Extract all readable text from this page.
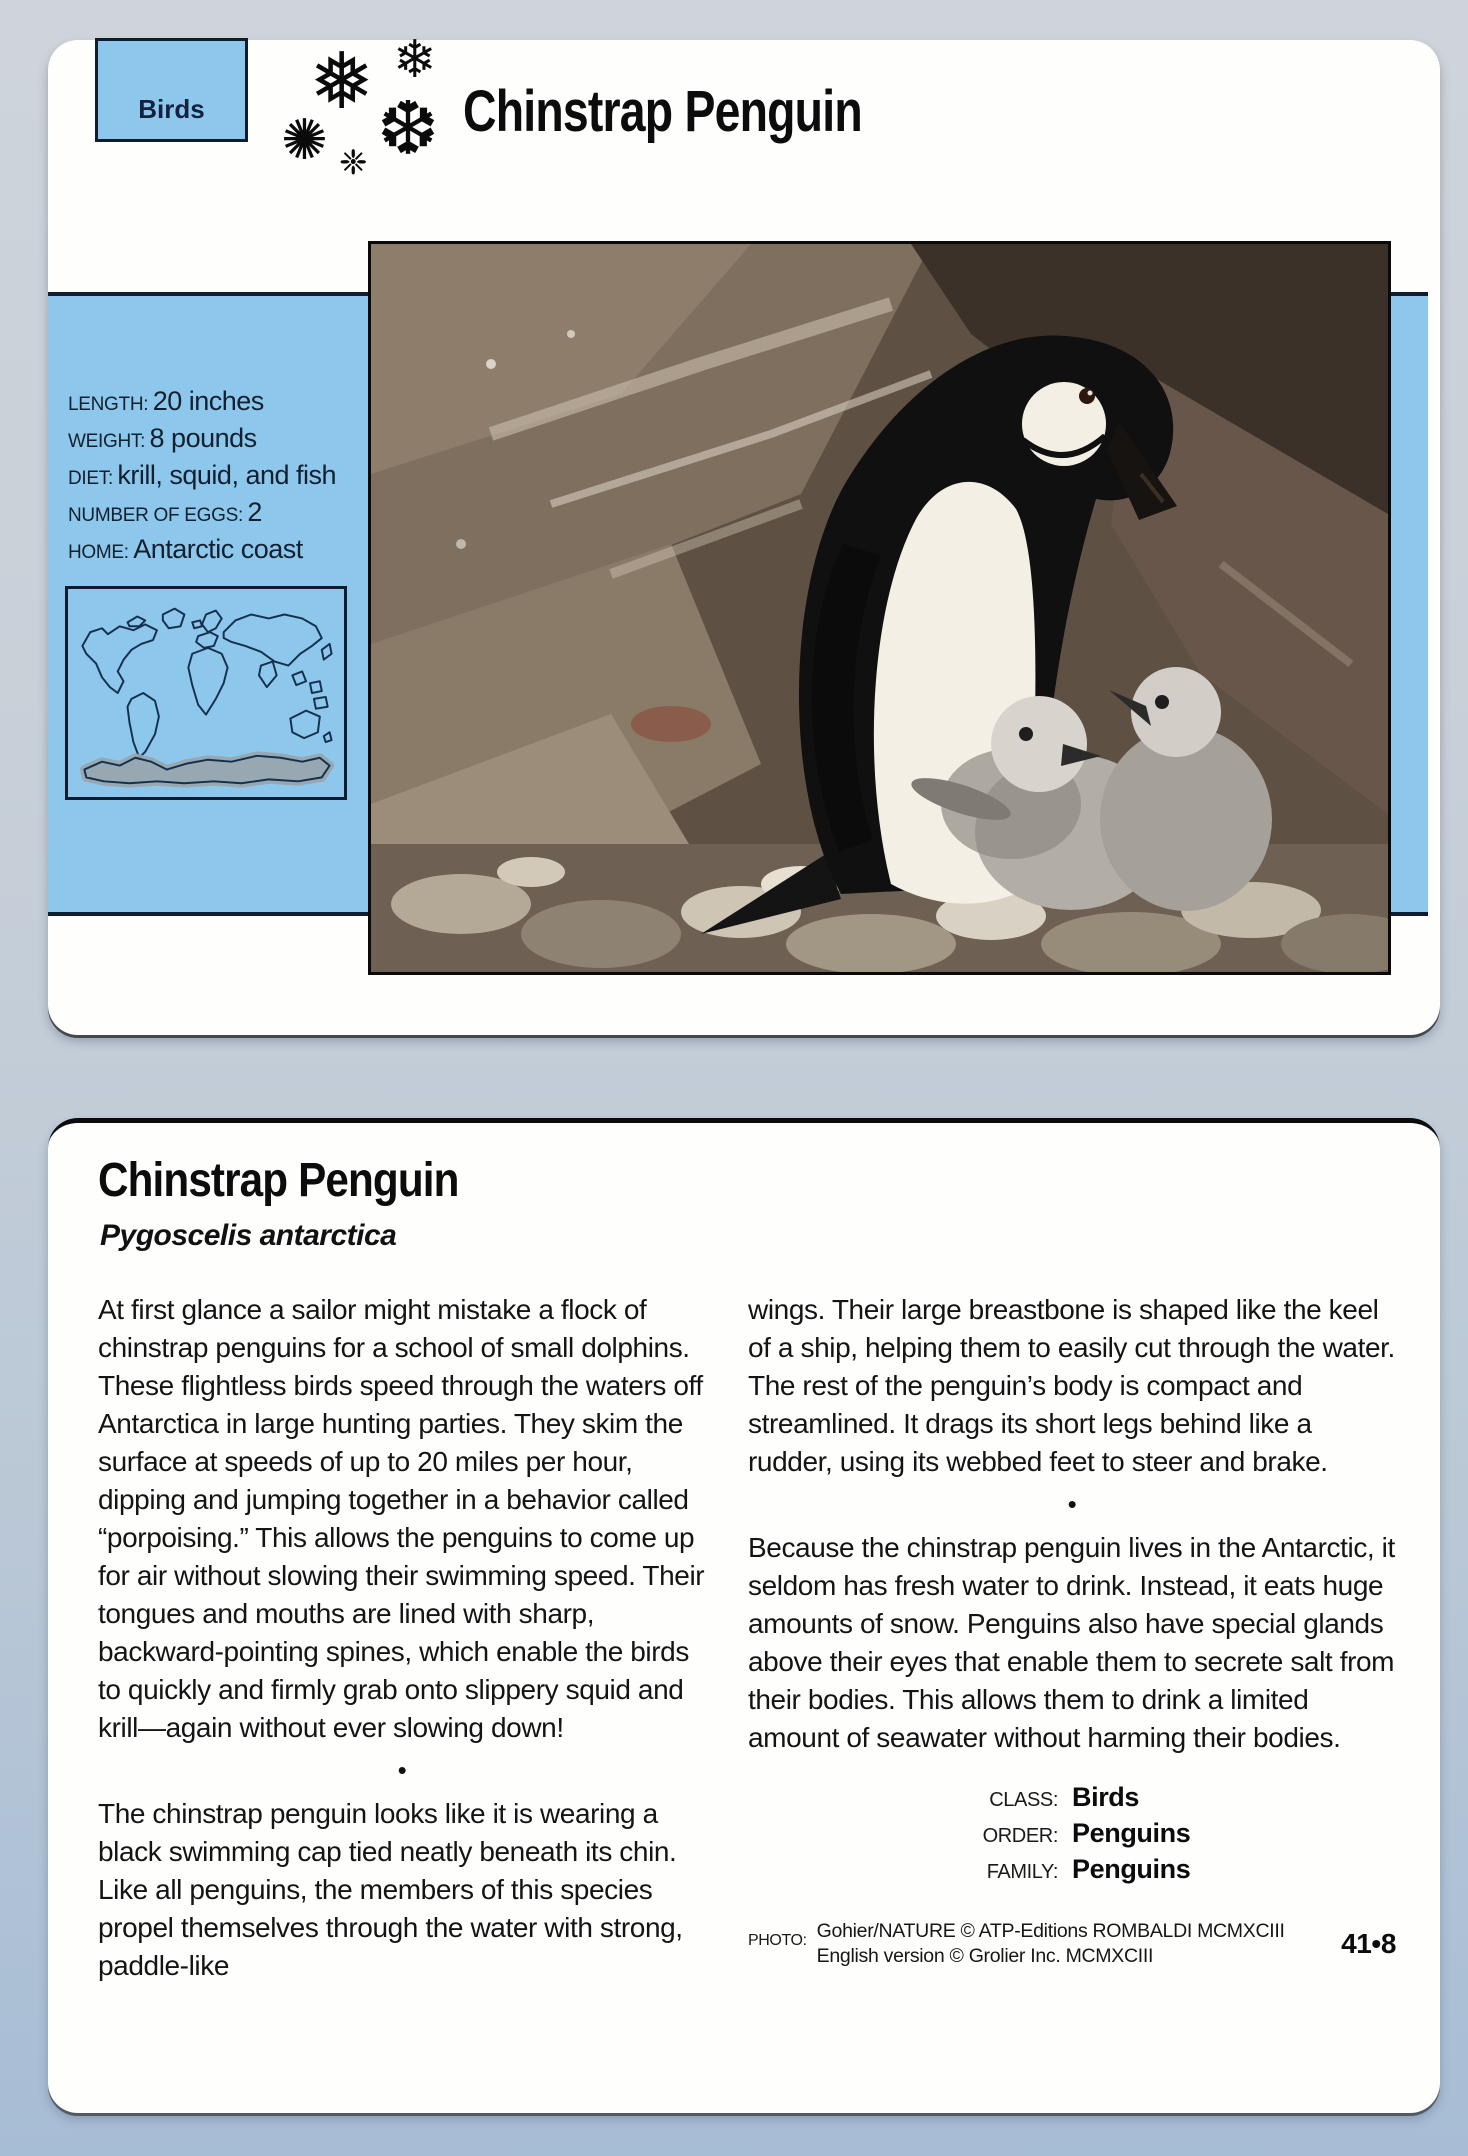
Birds ❅ ❄
✺ ❆
❈
Chinstrap Penguin
LENGTH: 20 inches
WEIGHT: 8 pounds
DIET: krill, squid, and fish
NUMBER OF EGGS: 2
HOME: Antarctic coast
Chinstrap Penguin
Pygoscelis antarctica

At first glance a sailor might mistake a flock of chinstrap penguins for a school of small dolphins. These flightless birds speed through the waters off Antarctica in large hunting parties. They skim the surface at speeds of up to 20 miles per hour, dipping and jumping together in a behavior called “porpoising.” This allows the penguins to come up for air without slowing their swimming speed. Their tongues and mouths are lined with sharp, backward-pointing spines, which enable the birds to quickly and firmly grab onto slippery squid and krill—again without ever slowing down!

•

The chinstrap penguin looks like it is wearing a black swimming cap tied neatly beneath its chin. Like all penguins, the members of this species propel themselves through the water with strong, paddle-like

wings. Their large breastbone is shaped like the keel of a ship, helping them to easily cut through the water. The rest of the penguin’s body is compact and streamlined. It drags its short legs behind like a rudder, using its webbed feet to steer and brake.

•

Because the chinstrap penguin lives in the Antarctic, it seldom has fresh water to drink. Instead, it eats huge amounts of snow. Penguins also have special glands above their eyes that enable them to secrete salt from their bodies. This allows them to drink a limited amount of seawater without harming their bodies.

CLASS: Birds
ORDER: Penguins
FAMILY: Penguins
PHOTO: Gohier/NATURE © ATP-Editions ROMBALDI MCMXCIII
English version © Grolier Inc. MCMXCIII	41•8
